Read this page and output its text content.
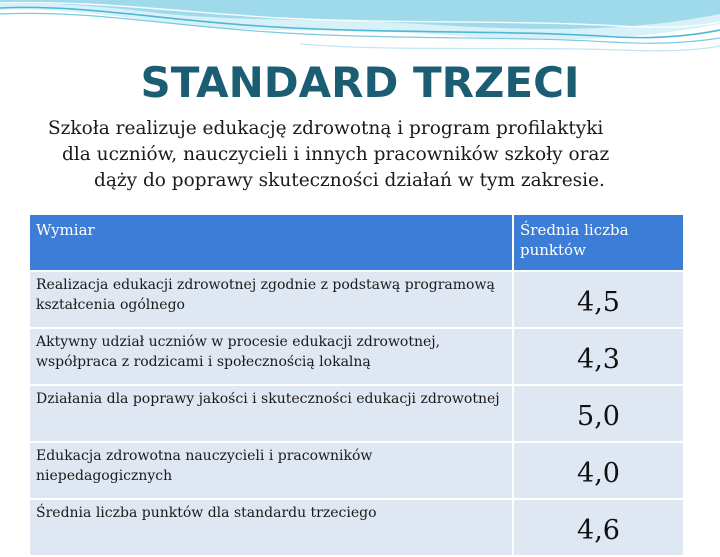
STANDARD TRZECI

Szkoła realizuje edukację zdrowotną i program profilaktyki
dla uczniów, nauczycieli i innych pracowników szkoły oraz
dąży do poprawy skuteczności działań w tym zakresie.

Wymiar	Średnia liczba punktów
Realizacja edukacji zdrowotnej zgodnie z podstawą programową kształcenia ogólnego	4,5
Aktywny udział uczniów w procesie edukacji zdrowotnej, współpraca z rodzicami i społecznością lokalną	4,3
Działania dla poprawy jakości i skuteczności edukacji zdrowotnej	5,0
Edukacja zdrowotna nauczycieli i pracowników niepedagogicznych	4,0
Średnia liczba punktów dla standardu trzeciego	4,6
